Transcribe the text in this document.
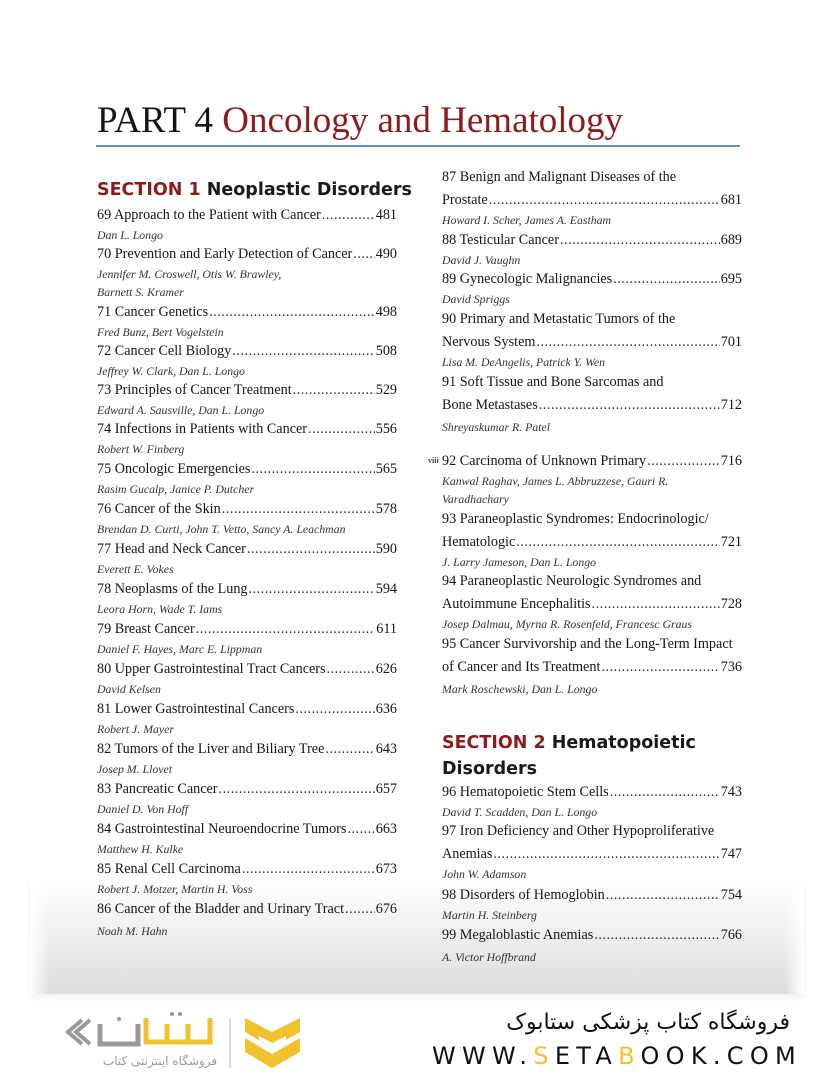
PART 4 Oncology and Hematology
SECTION 1 Neoplastic Disorders
69 Approach to the Patient with Cancer .....	481
Dan L. Longo
70 Prevention and Early Detection of Cancer ..... 490
Jennifer M. Croswell, Otis W. Brawley,
Barnett S. Kramer
71 Cancer Genetics .....	498
Fred Bunz, Bert Vogelstein
72 Cancer Cell Biology .....	508
Jeffrey W. Clark, Dan L. Longo
73 Principles of Cancer Treatment .....	529
Edward A. Sausville, Dan L. Longo
74 Infections in Patients with Cancer .....	556
Robert W. Finberg
75 Oncologic Emergencies .....	565
Rasim Gucalp, Janice P. Dutcher
76 Cancer of the Skin .....	578
Brendan D. Curti, John T. Vetto, Sancy A. Leachman
77 Head and Neck Cancer .....	590
Everett E. Vokes
78 Neoplasms of the Lung .....	594
Leora Horn, Wade T. Iams
79 Breast Cancer .....	611
Daniel F. Hayes, Marc E. Lippman
80 Upper Gastrointestinal Tract Cancers .....	626
David Kelsen
81 Lower Gastrointestinal Cancers .....	636
Robert J. Mayer
82 Tumors of the Liver and Biliary Tree .....	643
Josep M. Llovet
83 Pancreatic Cancer .....	657
Daniel D. Von Hoff
84 Gastrointestinal Neuroendocrine Tumors ..... 663
Matthew H. Kulke
85 Renal Cell Carcinoma .....	673
Robert J. Motzer, Martin H. Voss
86 Cancer of the Bladder and Urinary Tract ..... 676
Noah M. Hahn
87 Benign and Malignant Diseases of the
Prostate .....	681
Howard I. Scher, James A. Eastham
88 Testicular Cancer .....	689
David J. Vaughn
89 Gynecologic Malignancies .....	695
David Spriggs
90 Primary and Metastatic Tumors of the
Nervous System .....	701
Lisa M. DeAngelis, Patrick Y. Wen
91 Soft Tissue and Bone Sarcomas and
Bone Metastases .....	712
Shreyaskumar R. Patel
viii 92 Carcinoma of Unknown Primary .....	716
Kanwal Raghav, James L. Abbruzzese, Gauri R.
Varadhachary
93 Paraneoplastic Syndromes: Endocrinologic/
Hematologic .....	721
J. Larry Jameson, Dan L. Longo
94 Paraneoplastic Neurologic Syndromes and
Autoimmune Encephalitis .....	728
Josep Dalmau, Myrna R. Rosenfeld, Francesc Graus
95 Cancer Survivorship and the Long-Term Impact
of Cancer and Its Treatment .....	736
Mark Roschewski, Dan L. Longo
SECTION 2 Hematopoietic
Disorders
96 Hematopoietic Stem Cells .....	743
David T. Scadden, Dan L. Longo
97 Iron Deficiency and Other Hypoproliferative
Anemias .....	747
John W. Adamson
98 Disorders of Hemoglobin .....	754
Martin H. Steinberg
99 Megaloblastic Anemias .....	766
A. Victor Hoffbrand
فروشگاه اینترنتی کتاب
فروشگاه کتاب پزشکی ستابوک
WWW.SETABOOK.COM
